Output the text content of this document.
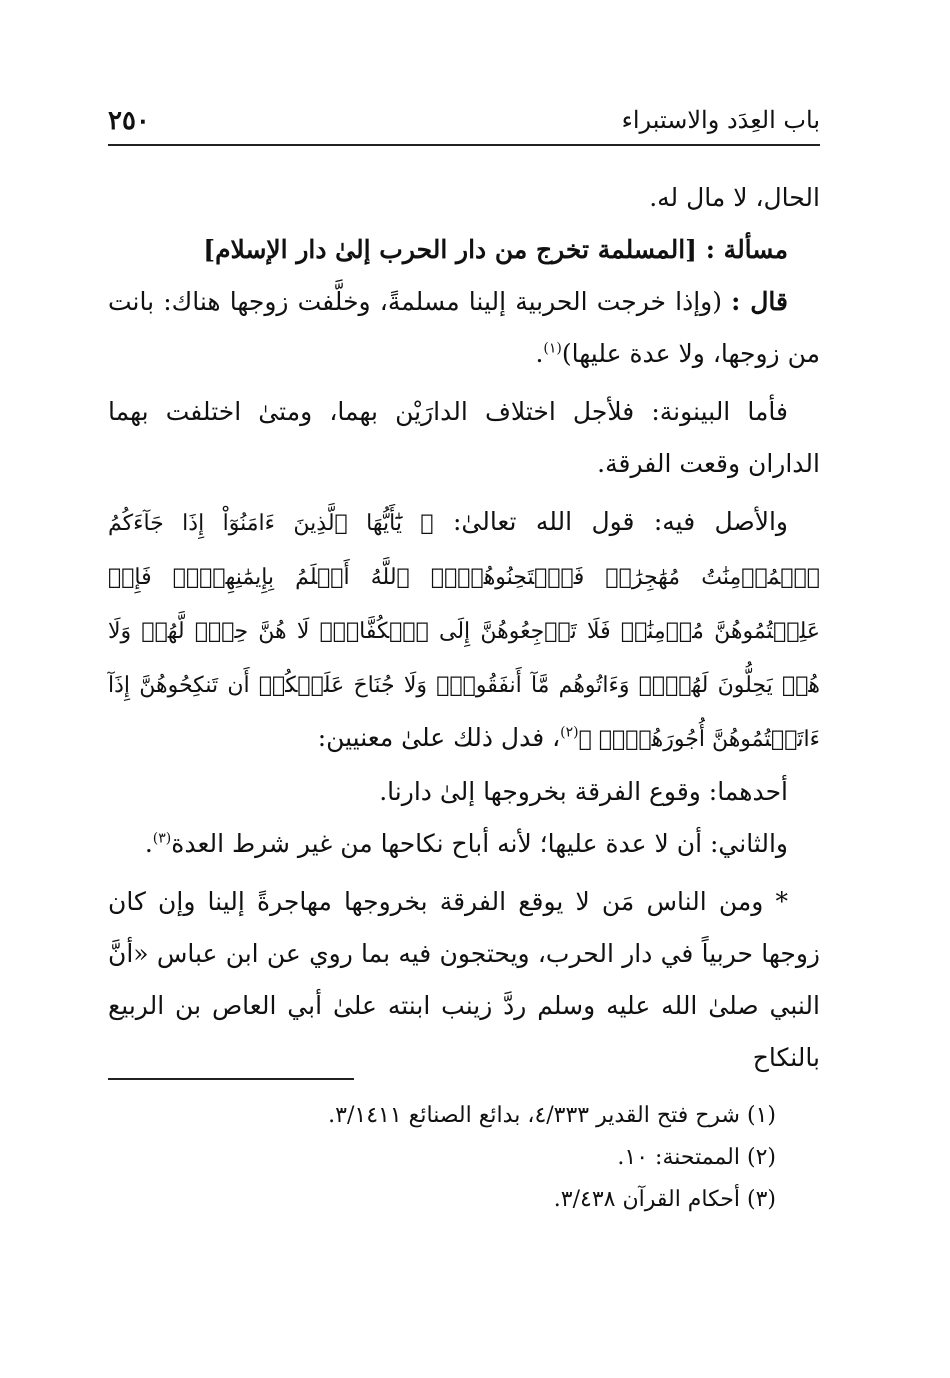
باب العِدَد والاستبراء
٢٥٠

الحال، لا مال له.

مسألة : [المسلمة تخرج من دار الحرب إلىٰ دار الإسلام]

قال : (وإذا خرجت الحربية إلينا مسلمةً، وخلَّفت زوجها هناك: بانت من زوجها، ولا عدة عليها)$^{(١)}$.

فأما البينونة: فلأجل اختلاف الدارَيْن بهما، ومتىٰ اختلفت بهما الداران وقعت الفرقة.

والأصل فيه: قول الله تعالىٰ: ﴿ يَٰٓأَيُّهَا ٱلَّذِينَ ءَامَنُوٓاْ إِذَا جَآءَكُمُ ٱلۡمُؤۡمِنَٰتُ مُهَٰجِرَٰتٖ فَٱمۡتَحِنُوهُنَّۖ ٱللَّهُ أَعۡلَمُ بِإِيمَٰنِهِنَّۖ فَإِنۡ عَلِمۡتُمُوهُنَّ مُؤۡمِنَٰتٖ فَلَا تَرۡجِعُوهُنَّ إِلَى ٱلۡكُفَّارِۖ لَا هُنَّ حِلّٞ لَّهُمۡ وَلَا هُمۡ يَحِلُّونَ لَهُنَّۖ وَءَاتُوهُم مَّآ أَنفَقُواْۚ وَلَا جُنَاحَ عَلَيۡكُمۡ أَن تَنكِحُوهُنَّ إِذَآ ءَاتَيۡتُمُوهُنَّ أُجُورَهُنَّۚ ﴾$^{(٢)}$، فدل ذلك علىٰ معنيين:

أحدهما: وقوع الفرقة بخروجها إلىٰ دارنا.

والثاني: أن لا عدة عليها؛ لأنه أباح نكاحها من غير شرط العدة$^{(٣)}$.

* ومن الناس مَن لا يوقع الفرقة بخروجها مهاجرةً إلينا وإن كان زوجها حربياً في دار الحرب، ويحتجون فيه بما روي عن ابن عباس «أنَّ النبي صلىٰ الله عليه وسلم ردَّ زينب ابنته علىٰ أبي العاص بن الربيع بالنكاح

(١) شرح فتح القدير ٤/٣٣٣، بدائع الصنائع ٣/١٤١١.

(٢) الممتحنة: ١٠.

(٣) أحكام القرآن ٣/٤٣٨.
